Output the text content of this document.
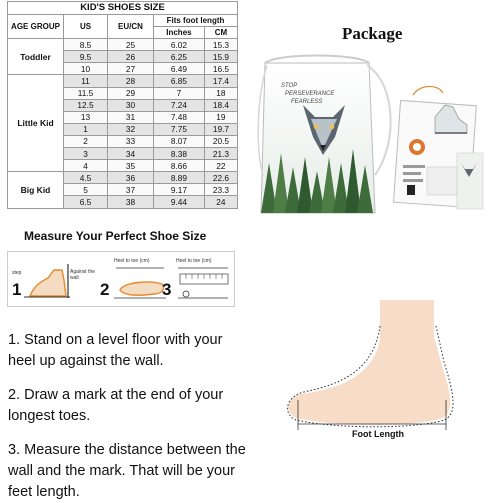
KID'S SHOES SIZE				
AGE GROUP	US	EU/CN	Fits foot length	
			Inches	CM
Toddler	8.5	25	6.02	15.3
	9.5	26	6.25	15.9
	10	27	6.49	16.5
Little Kid	11	28	6.85	17.4
	11.5	29	7	18
	12.5	30	7.24	18.4
	13	31	7.48	19
	1	32	7.75	19.7
	2	33	8.07	20.5
	3	34	8.38	21.3
	4	35	8.66	22
Big Kid	4.5	36	8.89	22.6
	5	37	9.17	23.3
	6.5	38	9.44	24
Package
STOP
PERSEVERANCE
FEARLESS
Measure Your Perfect Shoe Size
step
1
Against the wall
Heel to toe (cm)
2
Heel to toe (cm)
3
1. Stand on a level floor with your heel up against the wall.
2. Draw a mark at the end of your longest toes.
3. Measure the distance between the wall and the mark. That will be your feet length.
Foot Length
